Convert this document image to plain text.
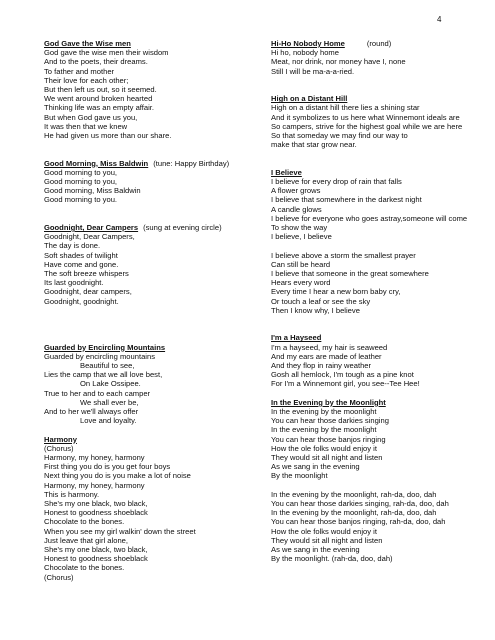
4
God Gave the Wise men
God gave the wise men their wisdom
And to the poets, their dreams.
To father and mother
Their love for each other;
But then left us out, so it seemed.
We went around broken hearted
Thinking life was an empty affair.
But when God gave us you,
It was then that we knew
He had given us more than our share.
Good Morning, Miss Baldwin (tune: Happy Birthday)
Good morning to you,
Good morning to you,
Good morning, Miss Baldwin
Good morning to you.
Goodnight, Dear Campers (sung at evening circle)
Goodnight, Dear Campers,
The day is done.
Soft shades of twilight
Have come and gone.
The soft breeze whispers
Its last goodnight.
Goodnight, dear campers,
Goodnight, goodnight.
Guarded by Encircling Mountains
Guarded by encircling mountains
Beautiful to see,
Lies the camp that we all love best,
On Lake Ossipee.
True to her and to each camper
We shall ever be,
And to her we'll always offer
Love and loyalty.
Harmony
(Chorus)
Harmony, my honey, harmony
First thing you do is you get four boys
Next thing you do is you make a lot of noise
Harmony, my honey, harmony
This is harmony.
She's my one black, two black,
Honest to goodness shoeblack
Chocolate to the bones.
When you see my girl walkin' down the street
Just leave that girl alone,
She's my one black, two black,
Honest to goodness shoeblack
Chocolate to the bones.
(Chorus)
Hi-Ho Nobody Home	(round)
Hi ho, nobody home
Meat, nor drink, nor money have I, none
Still I will be ma-a-a-ried.
High on a Distant Hill
High on a distant hill there lies a shining star
And it symbolizes to us here what Winnemont ideals are
So campers, strive for the highest goal while we are here
So that someday we may find our way to
make that star grow near.
I Believe
I believe for every drop of rain that falls
A flower grows
I believe that somewhere in the darkest night
A candle glows
I believe for everyone who goes astray,someone will come
To show the way
I believe, I believe

I believe above a storm the smallest prayer
Can still be heard
I believe that someone in the great somewhere
Hears every word
Every time I hear a new born baby cry,
Or touch a leaf or see the sky
Then I know why, I believe
I'm a Hayseed
I'm a hayseed, my hair is seaweed
And my ears are made of leather
And they flop in rainy weather
Gosh all hemlock, I'm tough as a pine knot
For I'm a Winnemont girl, you see--Tee Hee!
In the Evening by the Moonlight
In the evening by the moonlight
You can hear those darkies singing
In the evening by the moonlight
You can hear those banjos ringing
How the ole folks would enjoy it
They would sit all night and listen
As we sang in the evening
By the moonlight

In the evening by the moonlight, rah-da, doo, dah
You can hear those darkies singing, rah-da, doo, dah
In the evening by the moonlight, rah-da, doo, dah
You can hear those banjos ringing, rah-da, doo, dah
How the ole folks would enjoy it
They would sit all night and listen
As we sang in the evening
By the moonlight. (rah-da, doo, dah)
